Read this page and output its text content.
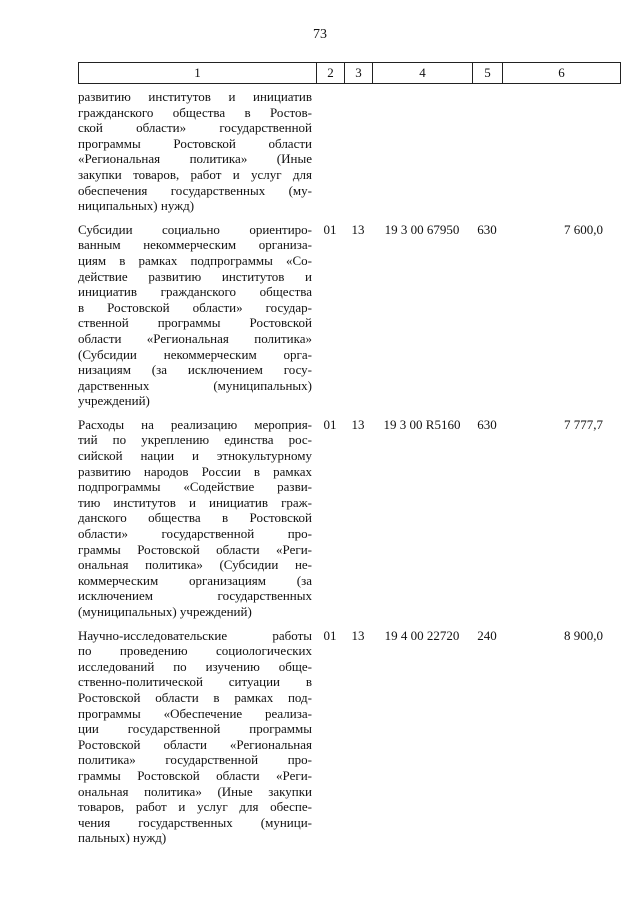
73
1	2	3	4	5	6
развитию институтов и инициатив
гражданского общества в Ростов-
ской области» государственной
программы Ростовской области
«Региональная политика» (Иные
закупки товаров, работ и услуг для
обеспечения государственных (му-
ниципальных) нужд)
Субсидии социально ориентиро-
ванным некоммерческим организа-
циям в рамках подпрограммы «Со-
действие развитию институтов и
инициатив гражданского общества
в Ростовской области» государ-
ственной программы Ростовской
области «Региональная политика»
(Субсидии некоммерческим орга-
низациям (за исключением госу-
дарственных (муниципальных)
учреждений)
01	13	19 3 00 67950	630	7 600,0
Расходы на реализацию мероприя-
тий по укреплению единства рос-
сийской нации и этнокультурному
развитию народов России в рамках
подпрограммы «Содействие разви-
тию институтов и инициатив граж-
данского общества в Ростовской
области» государственной про-
граммы Ростовской области «Реги-
ональная политика» (Субсидии не-
коммерческим организациям (за
исключением государственных
(муниципальных) учреждений)
01	13	19 3 00 R5160	630	7 777,7
Научно-исследовательские работы
по проведению социологических
исследований по изучению обще-
ственно-политической ситуации в
Ростовской области в рамках под-
программы «Обеспечение реализа-
ции государственной программы
Ростовской области «Региональная
политика» государственной про-
граммы Ростовской области «Реги-
ональная политика» (Иные закупки
товаров, работ и услуг для обеспе-
чения государственных (муници-
пальных) нужд)
01	13	19 4 00 22720	240	8 900,0
